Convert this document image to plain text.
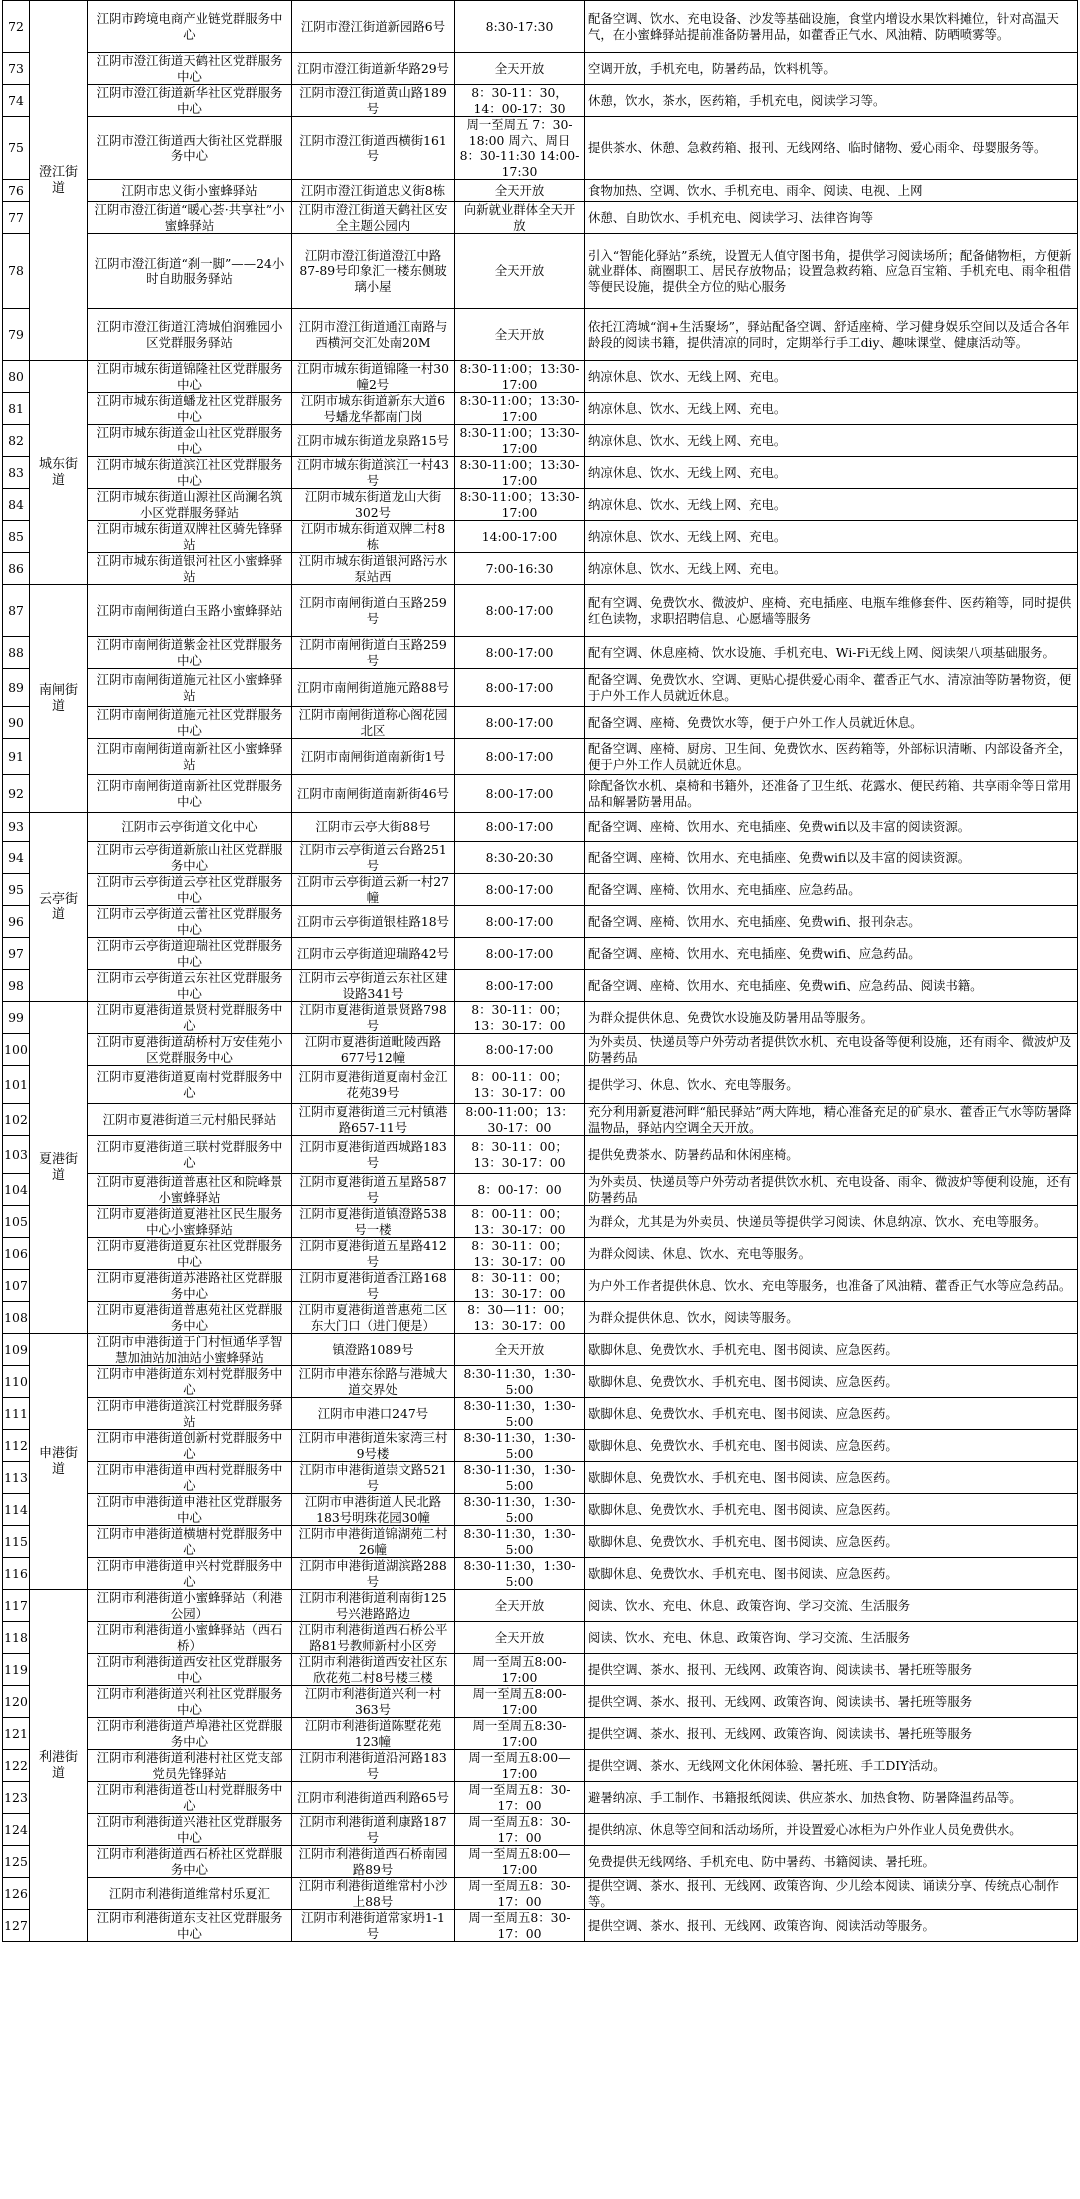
72	澄江街道	江阴市跨境电商产业链党群服务中心	江阴市澄江街道新园路6号	8:30-17:30	配备空调、饮水、充电设备、沙发等基础设施，食堂内增设水果饮料摊位，针对高温天气，在小蜜蜂驿站提前准备防暑用品，如藿香正气水、风油精、防晒喷雾等。
73		江阴市澄江街道天鹤社区党群服务中心	江阴市澄江街道新华路29号	全天开放	空调开放，手机充电，防暑药品，饮料机等。
74		江阴市澄江街道新华社区党群服务中心	江阴市澄江街道黄山路189号	8：30-11：30，14：00-17：30	休憩，饮水，茶水，医药箱，手机充电，阅读学习等。
75		江阴市澄江街道西大街社区党群服务中心	江阴市澄江街道西横街161号	周一至周五 7：30- 18:00 周六、周日 8：30-11:30 14:00-17:30	提供茶水、休憩、急救药箱、报刊、无线网络、临时储物、爱心雨伞、母婴服务等。
76		江阴市忠义街小蜜蜂驿站	江阴市澄江街道忠义街8栋	全天开放	食物加热、空调、饮水、手机充电、雨伞、阅读、电视、上网
77		江阴市澄江街道“暖心荟·共享社”小蜜蜂驿站	江阴市澄江街道天鹤社区安全主题公园内	向新就业群体全天开放	休憩、自助饮水、手机充电、阅读学习、法律咨询等
78		江阴市澄江街道“刹一脚”——24小时自助服务驿站	江阴市澄江街道澄江中路87-89号印象汇一楼东侧玻璃小屋	全天开放	引入“智能化驿站”系统，设置无人值守图书角，提供学习阅读场所；配备储物柜，方便新就业群体、商圈职工、居民存放物品；设置急救药箱、应急百宝箱、手机充电、雨伞租借等便民设施，提供全方位的贴心服务
79		江阴市澄江街道江湾城伯润雅园小区党群服务驿站	江阴市澄江街道通江南路与西横河交汇处南20M	全天开放	依托江湾城“润+生活聚场”，驿站配备空调、舒适座椅、学习健身娱乐空间以及适合各年龄段的阅读书籍，提供清凉的同时，定期举行手工diy、趣味课堂、健康活动等。
80	城东街道	江阴市城东街道锦隆社区党群服务中心	江阴市城东街道锦隆一村30幢2号	8:30-11:00；13:30-17:00	纳凉休息、饮水、无线上网、充电。
81		江阴市城东街道蟠龙社区党群服务中心	江阴市城东街道新东大道6号蟠龙华都南门岗	8:30-11:00；13:30-17:00	纳凉休息、饮水、无线上网、充电。
82		江阴市城东街道金山社区党群服务中心	江阴市城东街道龙泉路15号	8:30-11:00；13:30-17:00	纳凉休息、饮水、无线上网、充电。
83		江阴市城东街道滨江社区党群服务中心	江阴市城东街道滨江一村43号	8:30-11:00；13:30-17:00	纳凉休息、饮水、无线上网、充电。
84		江阴市城东街道山源社区尚澜名筑小区党群服务驿站	江阴市城东街道龙山大街302号	8:30-11:00；13:30-17:00	纳凉休息、饮水、无线上网、充电。
85		江阴市城东街道双牌社区骑先锋驿站	江阴市城东街道双牌二村8栋	14:00-17:00	纳凉休息、饮水、无线上网、充电。
86		江阴市城东街道银河社区小蜜蜂驿站	江阴市城东街道银河路污水泵站西	7:00-16:30	纳凉休息、饮水、无线上网、充电。
87	南闸街道	江阴市南闸街道白玉路小蜜蜂驿站	江阴市南闸街道白玉路259号	8:00-17:00	配有空调、免费饮水、微波炉、座椅、充电插座、电瓶车维修套件、医药箱等，同时提供红色读物，求职招聘信息、心愿墙等服务
88		江阴市南闸街道紫金社区党群服务中心	江阴市南闸街道白玉路259号	8:00-17:00	配有空调、休息座椅、饮水设施、手机充电、Wi-Fi无线上网、阅读架八项基础服务。
89		江阴市南闸街道施元社区小蜜蜂驿站	江阴市南闸街道施元路88号	8:00-17:00	配备空调、免费饮水、空调、更贴心提供爱心雨伞、藿香正气水、清凉油等防暑物资，便于户外工作人员就近休息。
90		江阴市南闸街道施元社区党群服务中心	江阴市南闸街道称心阁花园北区	8:00-17:00	配备空调、座椅、免费饮水等，便于户外工作人员就近休息。
91		江阴市南闸街道南新社区小蜜蜂驿站	江阴市南闸街道南新街1号	8:00-17:00	配备空调、座椅、厨房、卫生间、免费饮水、医药箱等，外部标识清晰、内部设备齐全，便于户外工作人员就近休息。
92		江阴市南闸街道南新社区党群服务中心	江阴市南闸街道南新街46号	8:00-17:00	除配备饮水机、桌椅和书籍外，还准备了卫生纸、花露水、便民药箱、共享雨伞等日常用品和解暑防暑用品。
93	云亭街道	江阴市云亭街道文化中心	江阴市云亭大街88号	8:00-17:00	配备空调、座椅、饮用水、充电插座、免费wifi以及丰富的阅读资源。
94		江阴市云亭街道新旅山社区党群服务中心	江阴市云亭街道云台路251号	8:30-20:30	配备空调、座椅、饮用水、充电插座、免费wifi以及丰富的阅读资源。
95		江阴市云亭街道云亭社区党群服务中心	江阴市云亭街道云新一村27幢	8:00-17:00	配备空调、座椅、饮用水、充电插座、应急药品。
96		江阴市云亭街道云蕾社区党群服务中心	江阴市云亭街道银桂路18号	8:00-17:00	配备空调、座椅、饮用水、充电插座、免费wifi、报刊杂志。
97		江阴市云亭街道迎瑞社区党群服务中心	江阴市云亭街道迎瑞路42号	8:00-17:00	配备空调、座椅、饮用水、充电插座、免费wifi、应急药品。
98		江阴市云亭街道云东社区党群服务中心	江阴市云亭街道云东社区建设路341号	8:00-17:00	配备空调、座椅、饮用水、充电插座、免费wifi、应急药品、阅读书籍。
99	夏港街道	江阴市夏港街道景贤村党群服务中心	江阴市夏港街道景贤路798号	8：30-11：00；13：30-17：00	为群众提供休息、免费饮水设施及防暑用品等服务。
100		江阴市夏港街道葫桥村万安佳苑小区党群服务中心	江阴市夏港街道毗陵西路677号12幢	8:00-17:00	为外卖员、快递员等户外劳动者提供饮水机、充电设备等便利设施，还有雨伞、微波炉及防暑药品
101		江阴市夏港街道夏南村党群服务中心	江阴市夏港街道夏南村金江花苑39号	8：00-11：00；13：30-17：00	提供学习、休息、饮水、充电等服务。
102		江阴市夏港街道三元村船民驿站	江阴市夏港街道三元村镇港路657-11号	8:00-11:00；13：30-17：00	充分利用新夏港河畔“船民驿站”两大阵地，精心准备充足的矿泉水、藿香正气水等防暑降温物品，驿站内空调全天开放。
103		江阴市夏港街道三联村党群服务中心	江阴市夏港街道西城路183号	8：30-11：00；13：30-17：00	提供免费茶水、防暑药品和休闲座椅。
104		江阴市夏港街道普惠社区和院峰景小蜜蜂驿站	江阴市夏港街道五星路587号	8：00-17：00	为外卖员、快递员等户外劳动者提供饮水机、充电设备、雨伞、微波炉等便利设施，还有防暑药品
105		江阴市夏港街道夏港社区民生服务中心小蜜蜂驿站	江阴市夏港街道镇澄路538号一楼	8：00-11：00；13：30-17：00	为群众，尤其是为外卖员、快递员等提供学习阅读、休息纳凉、饮水、充电等服务。
106		江阴市夏港街道夏东社区党群服务中心	江阴市夏港街道五星路412号	8：30-11：00；13：30-17：00	为群众阅读、休息、饮水、充电等服务。
107		江阴市夏港街道苏港路社区党群服务中心	江阴市夏港街道香江路168号	8：30-11：00；13：30-17：00	为户外工作者提供休息、饮水、充电等服务，也准备了风油精、藿香正气水等应急药品。
108		江阴市夏港街道普惠苑社区党群服务中心	江阴市夏港街道普惠苑二区东大门口（进门便是）	8：30—11：00；13：30-17：00	为群众提供休息、饮水，阅读等服务。
109	申港街道	江阴市申港街道于门村恒通华孚智慧加油站加油站小蜜蜂驿站	镇澄路1089号	全天开放	歇脚休息、免费饮水、手机充电、图书阅读、应急医药。
110		江阴市申港街道东刘村党群服务中心	江阴市申港东徐路与港城大道交界处	8:30-11:30，1:30-5:00	歇脚休息、免费饮水、手机充电、图书阅读、应急医药。
111		江阴市申港街道滨江村党群服务驿站	江阴市申港口247号	8:30-11:30，1:30-5:00	歇脚休息、免费饮水、手机充电、图书阅读、应急医药。
112		江阴市申港街道创新村党群服务中心	江阴市申港街道朱家湾三村9号楼	8:30-11:30，1:30-5:00	歇脚休息、免费饮水、手机充电、图书阅读、应急医药。
113		江阴市申港街道申西村党群服务中心	江阴市申港街道崇文路521号	8:30-11:30，1:30-5:00	歇脚休息、免费饮水、手机充电、图书阅读、应急医药。
114		江阴市申港街道申港社区党群服务中心	江阴市申港街道人民北路183号明珠花园30幢	8:30-11:30，1:30-5:00	歇脚休息、免费饮水、手机充电、图书阅读、应急医药。
115		江阴市申港街道横塘村党群服务中心	江阴市申港街道锦湖苑二村26幢	8:30-11:30，1:30-5:00	歇脚休息、免费饮水、手机充电、图书阅读、应急医药。
116		江阴市申港街道申兴村党群服务中心	江阴市申港街道湖滨路288号	8:30-11:30，1:30-5:00	歇脚休息、免费饮水、手机充电、图书阅读、应急医药。
117	利港街道	江阴市利港街道小蜜蜂驿站（利港公园）	江阴市利港街道利南街125号兴港路路边	全天开放	阅读、饮水、充电、休息、政策咨询、学习交流、生活服务
118		江阴市利港街道小蜜蜂驿站（西石桥）	江阴市利港街道西石桥公平路81号教师新村小区旁	全天开放	阅读、饮水、充电、休息、政策咨询、学习交流、生活服务
119		江阴市利港街道西安社区党群服务中心	江阴市利港街道西安社区东欣花苑二村8号楼三楼	周一至周五8:00-17:00	提供空调、茶水、报刊、无线网、政策咨询、阅读读书、暑托班等服务
120		江阴市利港街道兴利社区党群服务中心	江阴市利港街道兴利一村363号	周一至周五8:00-17:00	提供空调、茶水、报刊、无线网、政策咨询、阅读读书、暑托班等服务
121		江阴市利港街道芦埠港社区党群服务中心	江阴市利港街道陈墅花苑123幢	周一至周五8:30-17:00	提供空调、茶水、报刊、无线网、政策咨询、阅读读书、暑托班等服务
122		江阴市利港街道利港村社区党支部党员先锋驿站	江阴市利港街道沿河路183号	周一至周五8:00—17:00	提供空调、茶水、无线网文化休闲体验、暑托班、手工DIY活动。
123		江阴市利港街道苍山村党群服务中心	江阴市利港街道西利路65号	周一至周五8：30-17：00	避暑纳凉、手工制作、书籍报纸阅读、供应茶水、加热食物、防暑降温药品等。
124		江阴市利港街道兴港社区党群服务中心	江阴市利港街道利康路187号	周一至周五8：30-17：00	提供纳凉、休息等空间和活动场所，并设置爱心冰柜为户外作业人员免费供水。
125		江阴市利港街道西石桥社区党群服务中心	江阴市利港街道西石桥南园路89号	周一至周五8:00—17:00	免费提供无线网络、手机充电、防中暑药、书籍阅读、暑托班。
126		江阴市利港街道维常村乐夏汇	江阴市利港街道维常村小沙上88号	周一至周五8：30-17：00	提供空调、茶水、报刊、无线网、政策咨询、少儿绘本阅读、诵读分享、传统点心制作等。
127		江阴市利港街道东支社区党群服务中心	江阴市利港街道常家坍1-1号	周一至周五8：30-17：00	提供空调、茶水、报刊、无线网、政策咨询、阅读活动等服务。
